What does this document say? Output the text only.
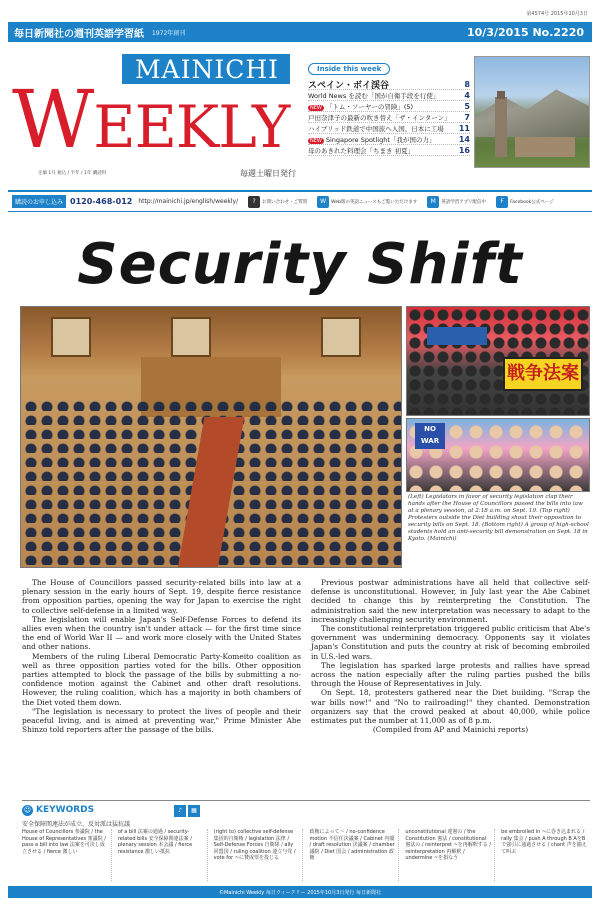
第4574号 2015年10月3日
毎日新聞社の週刊英語学習紙 1972年創刊	10/3/2015 No.2220
MAINICHI
WEEKLY
定価 1月 税込 / 半年 / 1年 購読料	毎週土曜日発行
Inside this week
スペイン・ボイ渓谷	8
World News を読む「国が自衛手段を行使」	4
NEW 「トム・ソーヤーの冒険」(5)	5
戸田奈津子の最新の吹き替え「ザ・インターン」	7
ハイブリッド鉄道で中国旅へ入国、日本に工場	11
NEW Singapore Spotlight「我が国の力」	14
母のあきれた料理会「ちまき 初夏」	16
購読のお申し込み 0120-468-012 http://mainichi.jp/english/weekly/	?	お問い合わせ・ご質問	W	Web版の英語ニュースもご覧いただけます	M	英語学習アプリ配信中	F	Facebook公式ページ
Security Shift
戦争法案
NO WAR
(Left) Legislators in favor of security legislation clap their hands after the House of Councillors passed the bills into law at a plenary session, at 2:18 a.m. on Sept. 19. (Top right) Protesters outside the Diet building shout their opposition to security bills on Sept. 18. (Bottom right) A group of high-school students hold an anti-security bill demonstration on Sept. 18 in Kyoto. (Mainichi)

The House of Councillors passed security-related bills into law at a plenary session in the early hours of Sept. 19, despite fierce resistance from opposition parties, opening the way for Japan to exercise the right to collective self-defense in a limited way.

The legislation will enable Japan's Self-Defense Forces to defend its allies even when the country isn't under attack — for the first time since the end of World War II — and work more closely with the United States and other nations.

Members of the ruling Liberal Democratic Party-Komeito coalition as well as three opposition parties voted for the bills. Other opposition parties attempted to block the passage of the bills by submitting a no-confidence motion against the Cabinet and other draft resolutions. However, the ruling coalition, which has a majority in both chambers of the Diet voted them down.

"The legislation is necessary to protect the lives of people and their peaceful living, and is aimed at preventing war," Prime Minister Abe Shinzo told reporters after the passage of the bills.

Previous postwar administrations have all held that collective self-defense is unconstitutional. However, in July last year the Abe Cabinet decided to change this by reinterpreting the Constitution. The administration said the new interpretation was necessary to adapt to the increasingly challenging security environment.

The constitutional reinterpretation triggered public criticism that Abe's government was undermining democracy. Opponents say it violates Japan's Constitution and puts the country at risk of becoming embroiled in U.S.-led wars.

The legislation has sparked large protests and rallies have spread across the nation especially after the ruling parties pushed the bills through the House of Representatives in July.

On Sept. 18, protesters gathered near the Diet building. "Scrap the war bills now!" and "No to railroading!" they chanted. Demonstration organizers say that the crowd peaked at about 40,000, while police estimates put the number at 11,000 as of 8 p.m.

(Compiled from AP and Mainichi reports)

☺ KEYWORDS	♪	▦
安全保障関連法が成立、反対派は猛抗議
House of Councillors 参議院 / the House of Representatives 衆議院 / pass a bill into law 法案を可決し成立させる / fierce 激しい
of a bill 法案の通過 / security-related bills 安全保障関連法案 / plenary session 本会議 / fierce resistance 激しい抵抗
(right to) collective self-defense 集団的自衛権 / legislation 法律 / Self-Defense Forces 自衛隊 / ally 同盟国 / ruling coalition 連立与党 / vote for ~に賛成票を投じる
政権によって〜 / no-confidence motion 不信任決議案 / Cabinet 内閣 / draft resolution 決議案 / chamber 議院 / Diet 国会 / administration 政権
unconstitutional 違憲の / the Constitution 憲法 / constitutional 憲法の / reinterpret ~を再解釈する / reinterpretation 再解釈 / undermine ~を損なう
be embroiled in ~に巻き込まれる / rally 集会 / push A through B AをBで強引に通過させる / chant 声を揃えて叫ぶ
©Mainichi Weekly 毎日ウィークリー 2015年10月3日発行 毎日新聞社
